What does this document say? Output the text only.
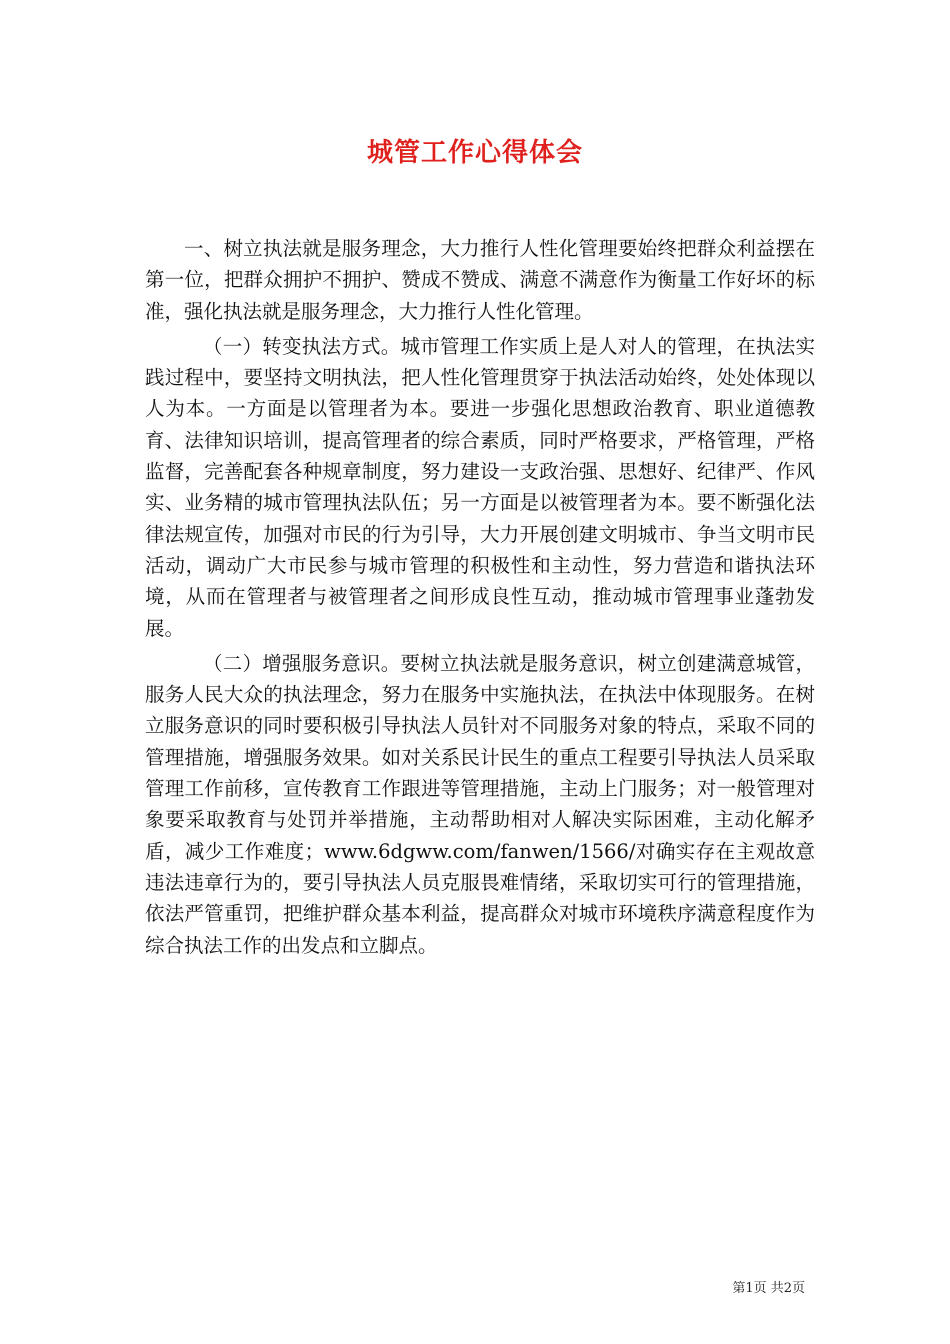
城管工作心得体会

一、树立执法就是服务理念，大力推行人性化管理要始终把群众利益摆在第一位，把群众拥护不拥护、赞成不赞成、满意不满意作为衡量工作好坏的标准，强化执法就是服务理念，大力推行人性化管理。

（一）转变执法方式。城市管理工作实质上是人对人的管理，在执法实践过程中，要坚持文明执法，把人性化管理贯穿于执法活动始终，处处体现以人为本。一方面是以管理者为本。要进一步强化思想政治教育、职业道德教育、法律知识培训，提高管理者的综合素质，同时严格要求，严格管理，严格监督，完善配套各种规章制度，努力建设一支政治强、思想好、纪律严、作风实、业务精的城市管理执法队伍；另一方面是以被管理者为本。要不断强化法律法规宣传，加强对市民的行为引导，大力开展创建文明城市、争当文明市民活动，调动广大市民参与城市管理的积极性和主动性，努力营造和谐执法环境，从而在管理者与被管理者之间形成良性互动，推动城市管理事业蓬勃发展。

（二）增强服务意识。要树立执法就是服务意识，树立创建满意城管，服务人民大众的执法理念，努力在服务中实施执法，在执法中体现服务。在树立服务意识的同时要积极引导执法人员针对不同服务对象的特点，采取不同的管理措施，增强服务效果。如对关系民计民生的重点工程要引导执法人员采取管理工作前移，宣传教育工作跟进等管理措施，主动上门服务；对一般管理对象要采取教育与处罚并举措施，主动帮助相对人解决实际困难，主动化解矛盾，减少工作难度；www.6dgww.com/fanwen/1566/对确实存在主观故意违法违章行为的，要引导执法人员克服畏难情绪，采取切实可行的管理措施，依法严管重罚，把维护群众基本利益，提高群众对城市环境秩序满意程度作为综合执法工作的出发点和立脚点。

第1页 共2页
